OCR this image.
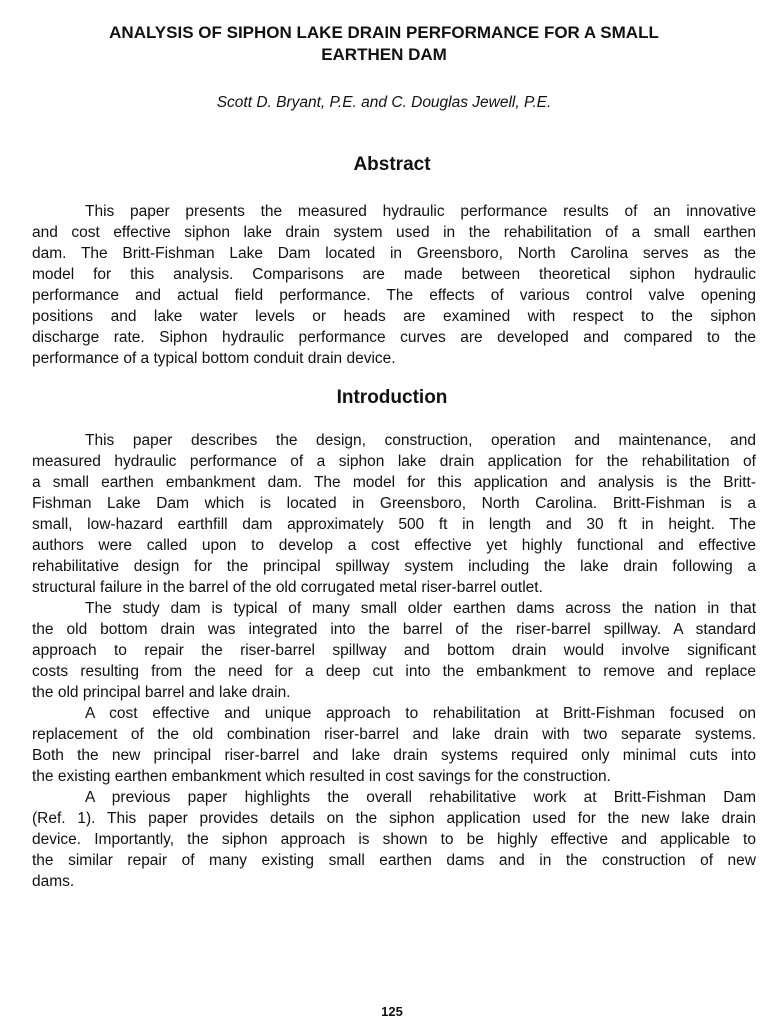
ANALYSIS OF SIPHON LAKE DRAIN PERFORMANCE FOR A SMALL
EARTHEN DAM
Scott D. Bryant, P.E. and C. Douglas Jewell, P.E.
Abstract
This paper presents the measured hydraulic performance results of an innovative
and cost effective siphon lake drain system used in the rehabilitation of a small earthen
dam. The Britt-Fishman Lake Dam located in Greensboro, North Carolina serves as the
model for this analysis. Comparisons are made between theoretical siphon hydraulic
performance and actual field performance. The effects of various control valve opening
positions and lake water levels or heads are examined with respect to the siphon
discharge rate. Siphon hydraulic performance curves are developed and compared to the
performance of a typical bottom conduit drain device.
Introduction
This paper describes the design, construction, operation and maintenance, and
measured hydraulic performance of a siphon lake drain application for the rehabilitation of
a small earthen embankment dam. The model for this application and analysis is the Britt-
Fishman Lake Dam which is located in Greensboro, North Carolina. Britt-Fishman is a
small, low-hazard earthfill dam approximately 500 ft in length and 30 ft in height. The
authors were called upon to develop a cost effective yet highly functional and effective
rehabilitative design for the principal spillway system including the lake drain following a
structural failure in the barrel of the old corrugated metal riser-barrel outlet.
The study dam is typical of many small older earthen dams across the nation in that
the old bottom drain was integrated into the barrel of the riser-barrel spillway. A standard
approach to repair the riser-barrel spillway and bottom drain would involve significant
costs resulting from the need for a deep cut into the embankment to remove and replace
the old principal barrel and lake drain.
A cost effective and unique approach to rehabilitation at Britt-Fishman focused on
replacement of the old combination riser-barrel and lake drain with two separate systems.
Both the new principal riser-barrel and lake drain systems required only minimal cuts into
the existing earthen embankment which resulted in cost savings for the construction.
A previous paper highlights the overall rehabilitative work at Britt-Fishman Dam
(Ref. 1). This paper provides details on the siphon application used for the new lake drain
device. Importantly, the siphon approach is shown to be highly effective and applicable to
the similar repair of many existing small earthen dams and in the construction of new
dams.
125
